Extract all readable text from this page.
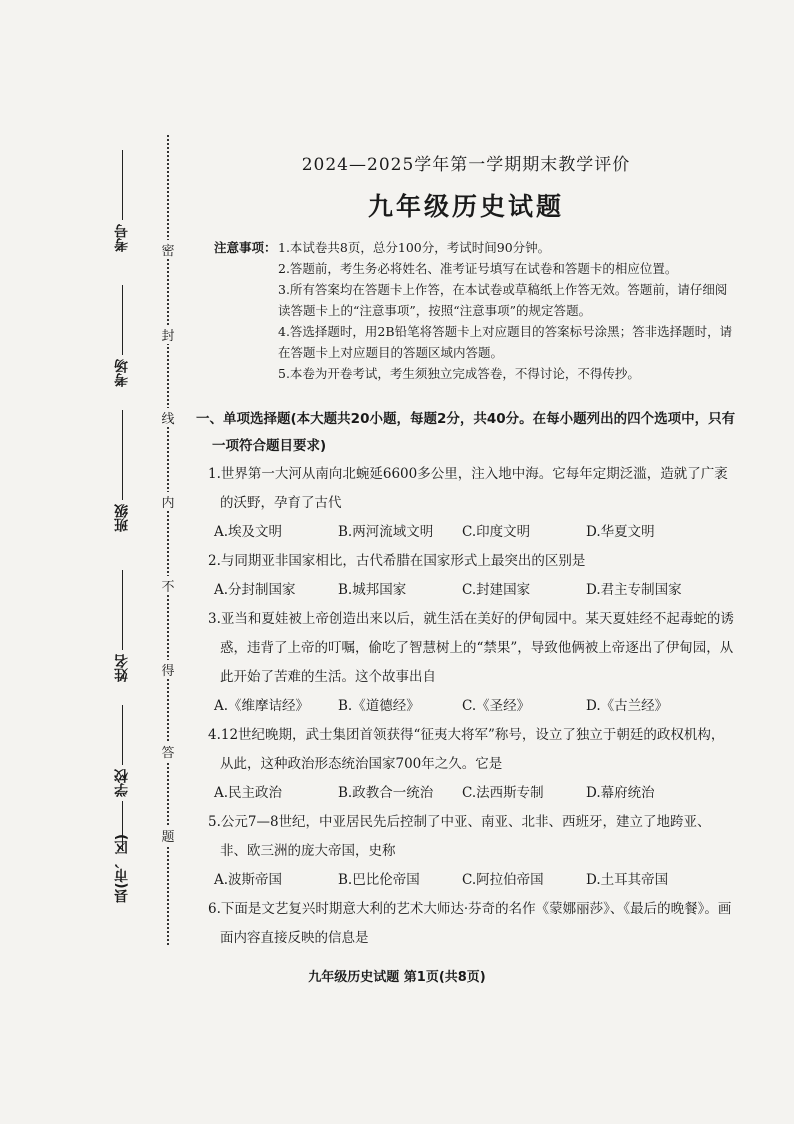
考号
考场
班级
姓名
学校
县(市、区)
密
封
线
内
不
得
答
题
2024—2025学年第一学期期末教学评价
九年级历史试题
注意事项： 1.本试卷共8页，总分100分，考试时间90分钟。
2.答题前，考生务必将姓名、准考证号填写在试卷和答题卡的相应位置。
3.所有答案均在答题卡上作答，在本试卷或草稿纸上作答无效。答题前，请仔细阅读答题卡上的“注意事项”，按照“注意事项”的规定答题。
4.答选择题时，用2B铅笔将答题卡上对应题目的答案标号涂黑；答非选择题时，请在答题卡上对应题目的答题区域内答题。
5.本卷为开卷考试，考生须独立完成答卷，不得讨论，不得传抄。
一、单项选择题(本大题共20小题，每题2分，共40分。在每小题列出的四个选项中，只有
一项符合题目要求)
1.世界第一大河从南向北蜿延6600多公里，注入地中海。它每年定期泛滥，造就了广袤的沃野，孕育了古代
A.埃及文明	B.两河流域文明	C.印度文明	D.华夏文明
2.与同期亚非国家相比，古代希腊在国家形式上最突出的区别是
A.分封制国家	B.城邦国家	C.封建国家	D.君主专制国家
3.亚当和夏娃被上帝创造出来以后，就生活在美好的伊甸园中。某天夏娃经不起毒蛇的诱惑，违背了上帝的叮嘱，偷吃了智慧树上的“禁果”，导致他俩被上帝逐出了伊甸园，从此开始了苦难的生活。这个故事出自
A.《维摩诘经》	B.《道德经》	C.《圣经》	D.《古兰经》
4.12世纪晚期，武士集团首领获得“征夷大将军”称号，设立了独立于朝廷的政权机构，从此，这种政治形态统治国家700年之久。它是
A.民主政治	B.政教合一统治	C.法西斯专制	D.幕府统治
5.公元7—8世纪，中亚居民先后控制了中亚、南亚、北非、西班牙，建立了地跨亚、非、欧三洲的庞大帝国，史称
A.波斯帝国	B.巴比伦帝国	C.阿拉伯帝国	D.土耳其帝国
6.下面是文艺复兴时期意大利的艺术大师达·芬奇的名作《蒙娜丽莎》、《最后的晚餐》。画面内容直接反映的信息是
九年级历史试题 第1页(共8页)
